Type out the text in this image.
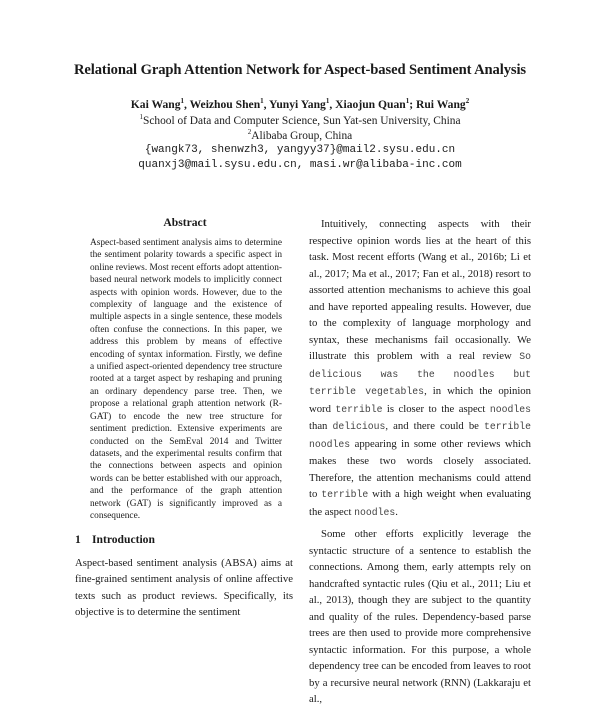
Relational Graph Attention Network for Aspect-based Sentiment Analysis
Kai Wang$^1$, Weizhou Shen$^1$, Yunyi Yang$^1$, Xiaojun Quan$^1$; Rui Wang$^2$
$^1$School of Data and Computer Science, Sun Yat-sen University, China
$^2$Alibaba Group, China
{wangk73, shenwzh3, yangyy37}@mail2.sysu.edu.cn
quanxj3@mail.sysu.edu.cn, masi.wr@alibaba-inc.com
Abstract
Aspect-based sentiment analysis aims to determine the sentiment polarity towards a specific aspect in online reviews. Most recent efforts adopt attention-based neural network models to implicitly connect aspects with opinion words. However, due to the complexity of language and the existence of multiple aspects in a single sentence, these models often confuse the connections. In this paper, we address this problem by means of effective encoding of syntax information. Firstly, we define a unified aspect-oriented dependency tree structure rooted at a target aspect by reshaping and pruning an ordinary dependency parse tree. Then, we propose a relational graph attention network (R-GAT) to encode the new tree structure for sentiment prediction. Extensive experiments are conducted on the SemEval 2014 and Twitter datasets, and the experimental results confirm that the connections between aspects and opinion words can be better established with our approach, and the performance of the graph attention network (GAT) is significantly improved as a consequence.
1 Introduction
Aspect-based sentiment analysis (ABSA) aims at fine-grained sentiment analysis of online affective texts such as product reviews. Specifically, its objective is to determine the sentiment

Intuitively, connecting aspects with their respective opinion words lies at the heart of this task. Most recent efforts (Wang et al., 2016b; Li et al., 2017; Ma et al., 2017; Fan et al., 2018) resort to assorted attention mechanisms to achieve this goal and have reported appealing results. However, due to the complexity of language morphology and syntax, these mechanisms fail occasionally. We illustrate this problem with a real review So delicious was the noodles but terrible vegetables, in which the opinion word terrible is closer to the aspect noodles than delicious, and there could be terrible noodles appearing in some other reviews which makes these two words closely associated. Therefore, the attention mechanisms could attend to terrible with a high weight when evaluating the aspect noodles.

Some other efforts explicitly leverage the syntactic structure of a sentence to establish the connections. Among them, early attempts rely on handcrafted syntactic rules (Qiu et al., 2011; Liu et al., 2013), though they are subject to the quantity and quality of the rules. Dependency-based parse trees are then used to provide more comprehensive syntactic information. For this purpose, a whole dependency tree can be encoded from leaves to root by a recursive neural network (RNN) (Lakkaraju et al.,
